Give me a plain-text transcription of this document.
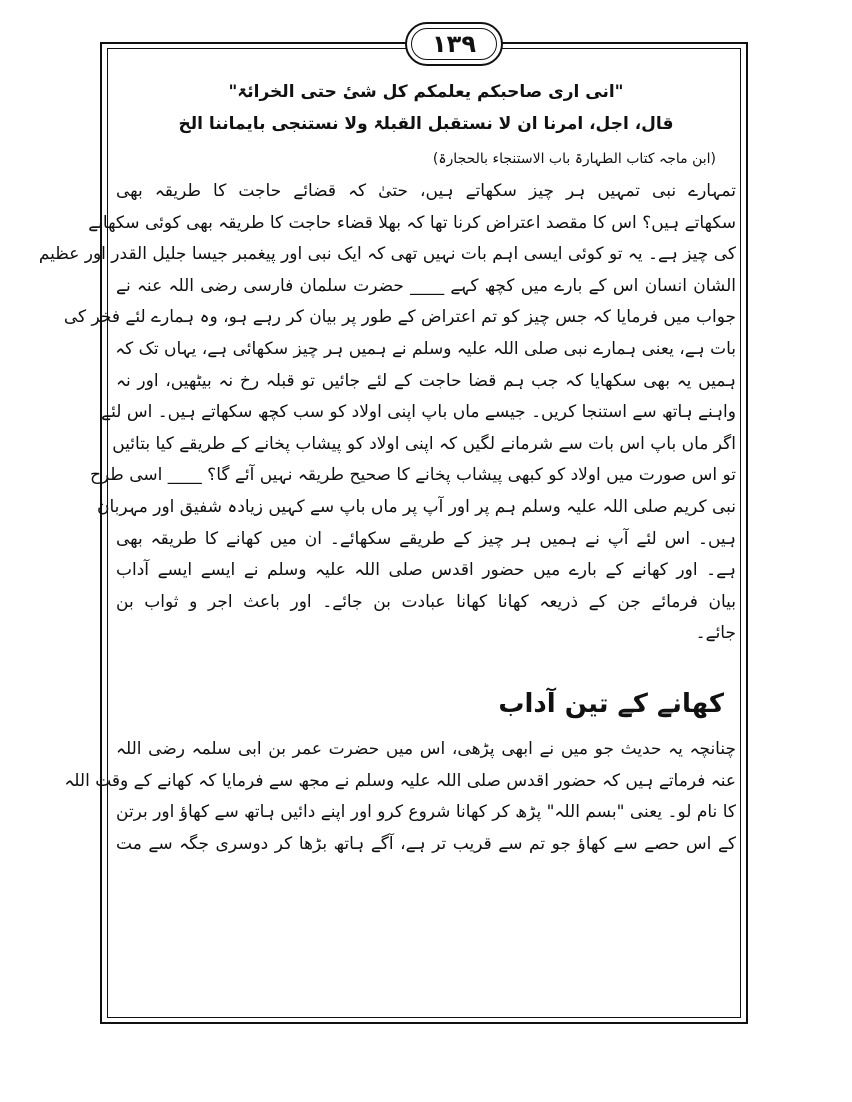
۱۳۹

"انی اری صاحبکم یعلمکم کل شیٔ حتی الخرائۃ"

قال، اجل، امرنا ان لا نستقبل القبلۃ ولا نستنجی بایماننا الخ

(ابن ماجہ کتاب الطہارۃ باب الاستنجاء بالحجارۃ)

تمہارے نبی تمہیں ہر چیز سکھاتے ہیں، حتیٰ کہ قضائے حاجت کا طریقہ بھی
سکھاتے ہیں؟ اس کا مقصد اعتراض کرنا تھا کہ بھلا قضاء حاجت کا طریقہ بھی کوئی سکھانے
کی چیز ہے۔ یہ تو کوئی ایسی اہم بات نہیں تھی کہ ایک نبی اور پیغمبر جیسا جلیل القدر اور عظیم
الشان انسان اس کے بارے میں کچھ کہے ____ حضرت سلمان فارسی رضی اللہ عنہ نے
جواب میں فرمایا کہ جس چیز کو تم اعتراض کے طور پر بیان کر رہے ہو، وہ ہمارے لئے فخر کی
بات ہے، یعنی ہمارے نبی صلی اللہ علیہ وسلم نے ہمیں ہر چیز سکھائی ہے، یہاں تک کہ
ہمیں یہ بھی سکھایا کہ جب ہم قضا حاجت کے لئے جائیں تو قبلہ رخ نہ بیٹھیں، اور نہ
واہنے ہاتھ سے استنجا کریں۔ جیسے ماں باپ اپنی اولاد کو سب کچھ سکھاتے ہیں۔ اس لئے
اگر ماں باپ اس بات سے شرمانے لگیں کہ اپنی اولاد کو پیشاب پخانے کے طریقے کیا بتائیں
تو اس صورت میں اولاد کو کبھی پیشاب پخانے کا صحیح طریقہ نہیں آئے گا؟ ____ اسی طرح
نبی کریم صلی اللہ علیہ وسلم ہم پر اور آپ پر ماں باپ سے کہیں زیادہ شفیق اور مہربان
ہیں۔ اس لئے آپ نے ہمیں ہر چیز کے طریقے سکھائے۔ ان میں کھانے کا طریقہ بھی
ہے۔ اور کھانے کے بارے میں حضور اقدس صلی اللہ علیہ وسلم نے ایسے ایسے آداب
بیان فرمائے جن کے ذریعہ کھانا کھانا عبادت بن جائے۔ اور باعث اجر و ثواب بن
جائے۔
کھانے کے تین آداب
چنانچہ یہ حدیث جو میں نے ابھی پڑھی، اس میں حضرت عمر بن ابی سلمہ رضی اللہ
عنہ فرماتے ہیں کہ حضور اقدس صلی اللہ علیہ وسلم نے مجھ سے فرمایا کہ کھانے کے وقت اللہ
کا نام لو۔ یعنی "بسم اللہ" پڑھ کر کھانا شروع کرو اور اپنے دائیں ہاتھ سے کھاؤ اور برتن
کے اس حصے سے کھاؤ جو تم سے قریب تر ہے، آگے ہاتھ بڑھا کر دوسری جگہ سے مت
